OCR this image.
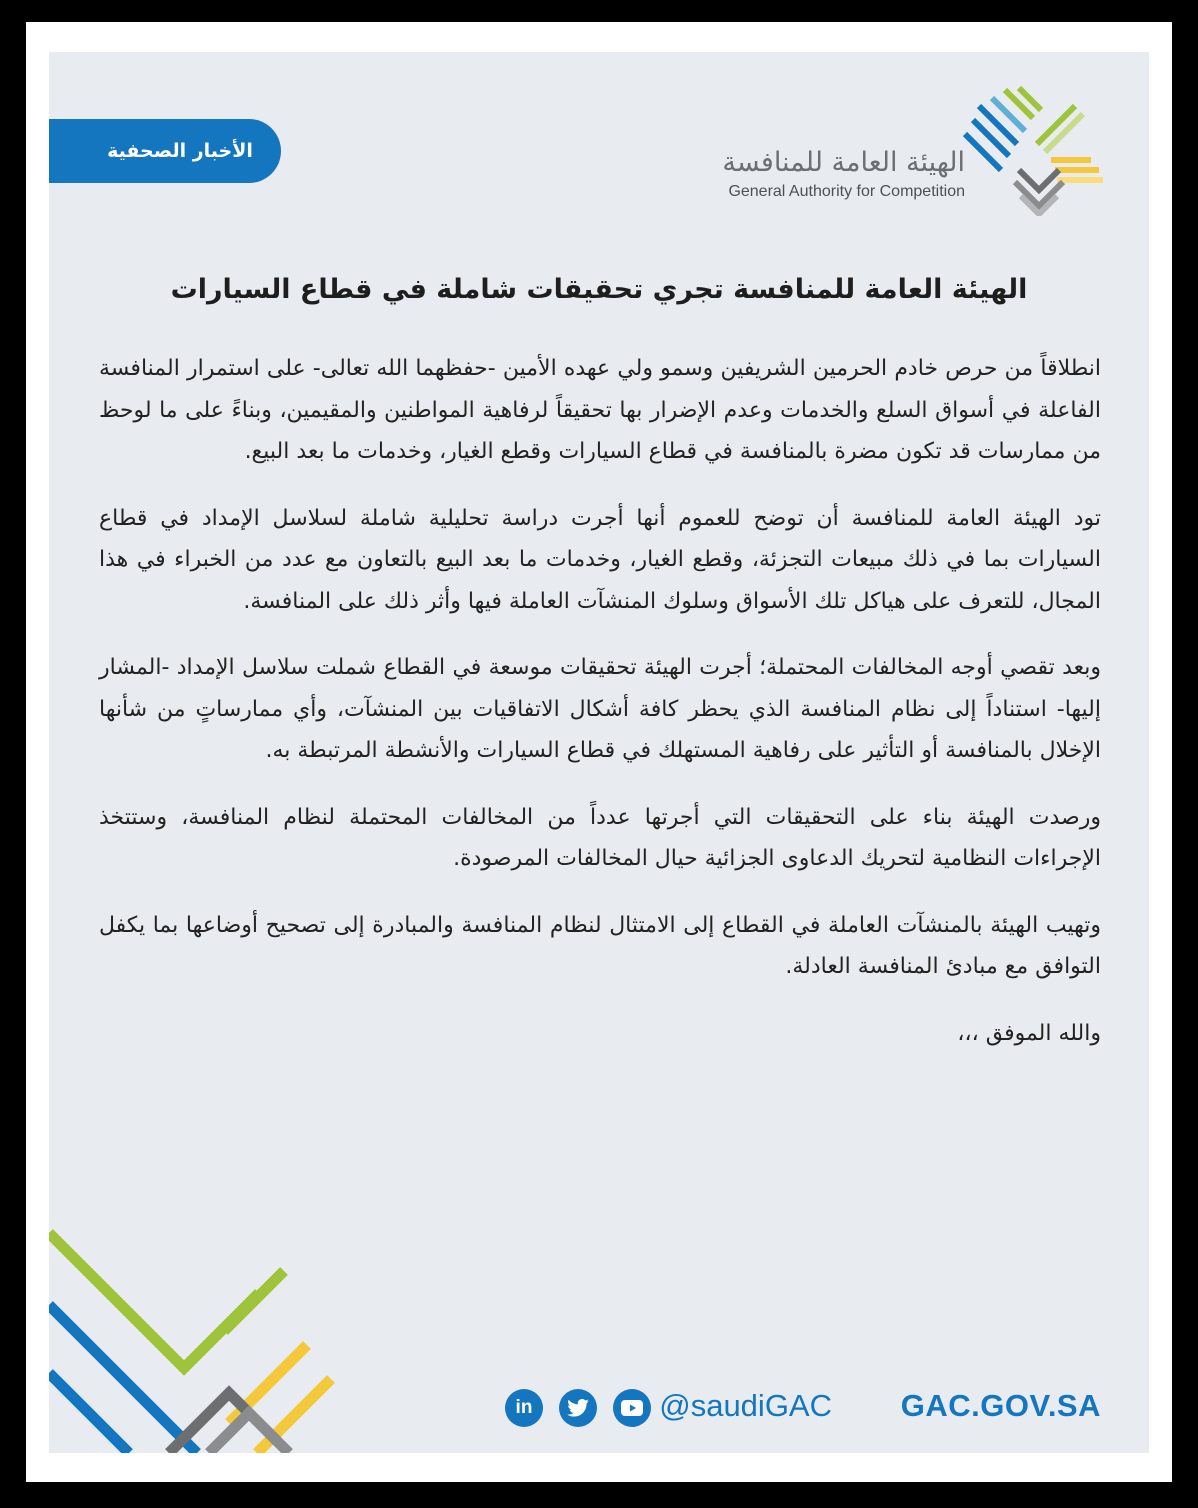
الأخبار الصحفية	الهيئة العامة للمنافسة
General Authority for Competition
الهيئة العامة للمنافسة تجري تحقيقات شاملة في قطاع السيارات

انطلاقاً من حرص خادم الحرمين الشريفين وسمو ولي عهده الأمين -حفظهما الله تعالى- على استمرار المنافسة الفاعلة في أسواق السلع والخدمات وعدم الإضرار بها تحقيقاً لرفاهية المواطنين والمقيمين، وبناءً على ما لوحظ من ممارسات قد تكون مضرة بالمنافسة في قطاع السيارات وقطع الغيار، وخدمات ما بعد البيع.

تود الهيئة العامة للمنافسة أن توضح للعموم أنها أجرت دراسة تحليلية شاملة لسلاسل الإمداد في قطاع السيارات بما في ذلك مبيعات التجزئة، وقطع الغيار، وخدمات ما بعد البيع بالتعاون مع عدد من الخبراء في هذا المجال، للتعرف على هياكل تلك الأسواق وسلوك المنشآت العاملة فيها وأثر ذلك على المنافسة.

وبعد تقصي أوجه المخالفات المحتملة؛ أجرت الهيئة تحقيقات موسعة في القطاع شملت سلاسل الإمداد -المشار إليها- استناداً إلى نظام المنافسة الذي يحظر كافة أشكال الاتفاقيات بين المنشآت، وأي ممارساتٍ من شأنها الإخلال بالمنافسة أو التأثير على رفاهية المستهلك في قطاع السيارات والأنشطة المرتبطة به.

ورصدت الهيئة بناء على التحقيقات التي أجرتها عدداً من المخالفات المحتملة لنظام المنافسة، وستتخذ الإجراءات النظامية لتحريك الدعاوى الجزائية حيال المخالفات المرصودة.

وتهيب الهيئة بالمنشآت العاملة في القطاع إلى الامتثال لنظام المنافسة والمبادرة إلى تصحيح أوضاعها بما يكفل التوافق مع مبادئ المنافسة العادلة.

والله الموفق ،،،

in	@saudiGAC GAC.GOV.SA
